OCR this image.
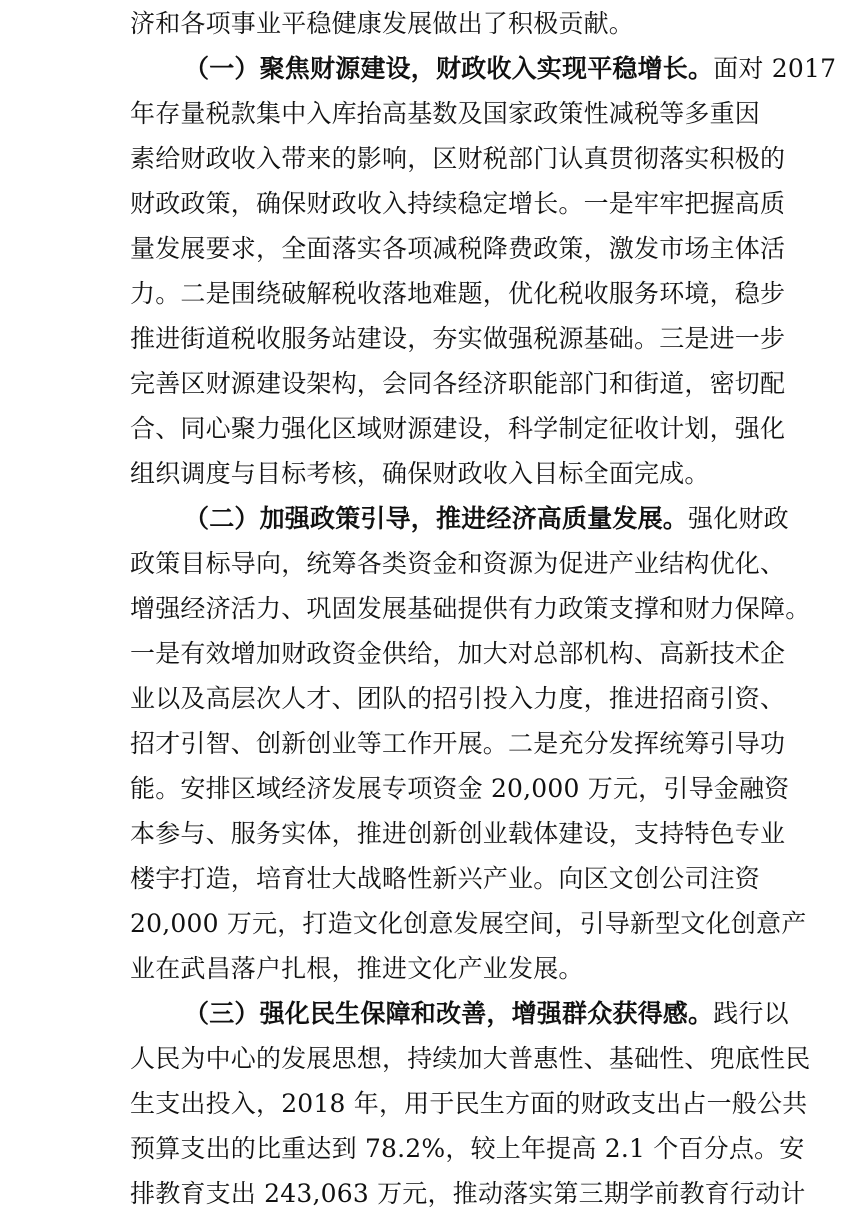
济和各项事业平稳健康发展做出了积极贡献。
（一）聚焦财源建设，财政收入实现平稳增长。面对 2017
年存量税款集中入库抬高基数及国家政策性减税等多重因
素给财政收入带来的影响，区财税部门认真贯彻落实积极的
财政政策，确保财政收入持续稳定增长。一是牢牢把握高质
量发展要求，全面落实各项减税降费政策，激发市场主体活
力。二是围绕破解税收落地难题，优化税收服务环境，稳步
推进街道税收服务站建设，夯实做强税源基础。三是进一步
完善区财源建设架构，会同各经济职能部门和街道，密切配
合、同心聚力强化区域财源建设，科学制定征收计划，强化
组织调度与目标考核，确保财政收入目标全面完成。
（二）加强政策引导，推进经济高质量发展。强化财政
政策目标导向，统筹各类资金和资源为促进产业结构优化、
增强经济活力、巩固发展基础提供有力政策支撑和财力保障。
一是有效增加财政资金供给，加大对总部机构、高新技术企
业以及高层次人才、团队的招引投入力度，推进招商引资、
招才引智、创新创业等工作开展。二是充分发挥统筹引导功
能。安排区域经济发展专项资金 20,000 万元，引导金融资
本参与、服务实体，推进创新创业载体建设，支持特色专业
楼宇打造，培育壮大战略性新兴产业。向区文创公司注资
20,000 万元，打造文化创意发展空间，引导新型文化创意产
业在武昌落户扎根，推进文化产业发展。
（三）强化民生保障和改善，增强群众获得感。践行以
人民为中心的发展思想，持续加大普惠性、基础性、兜底性民
生支出投入，2018 年，用于民生方面的财政支出占一般公共
预算支出的比重达到 78.2%，较上年提高 2.1 个百分点。安
排教育支出 243,063 万元，推动落实第三期学前教育行动计
